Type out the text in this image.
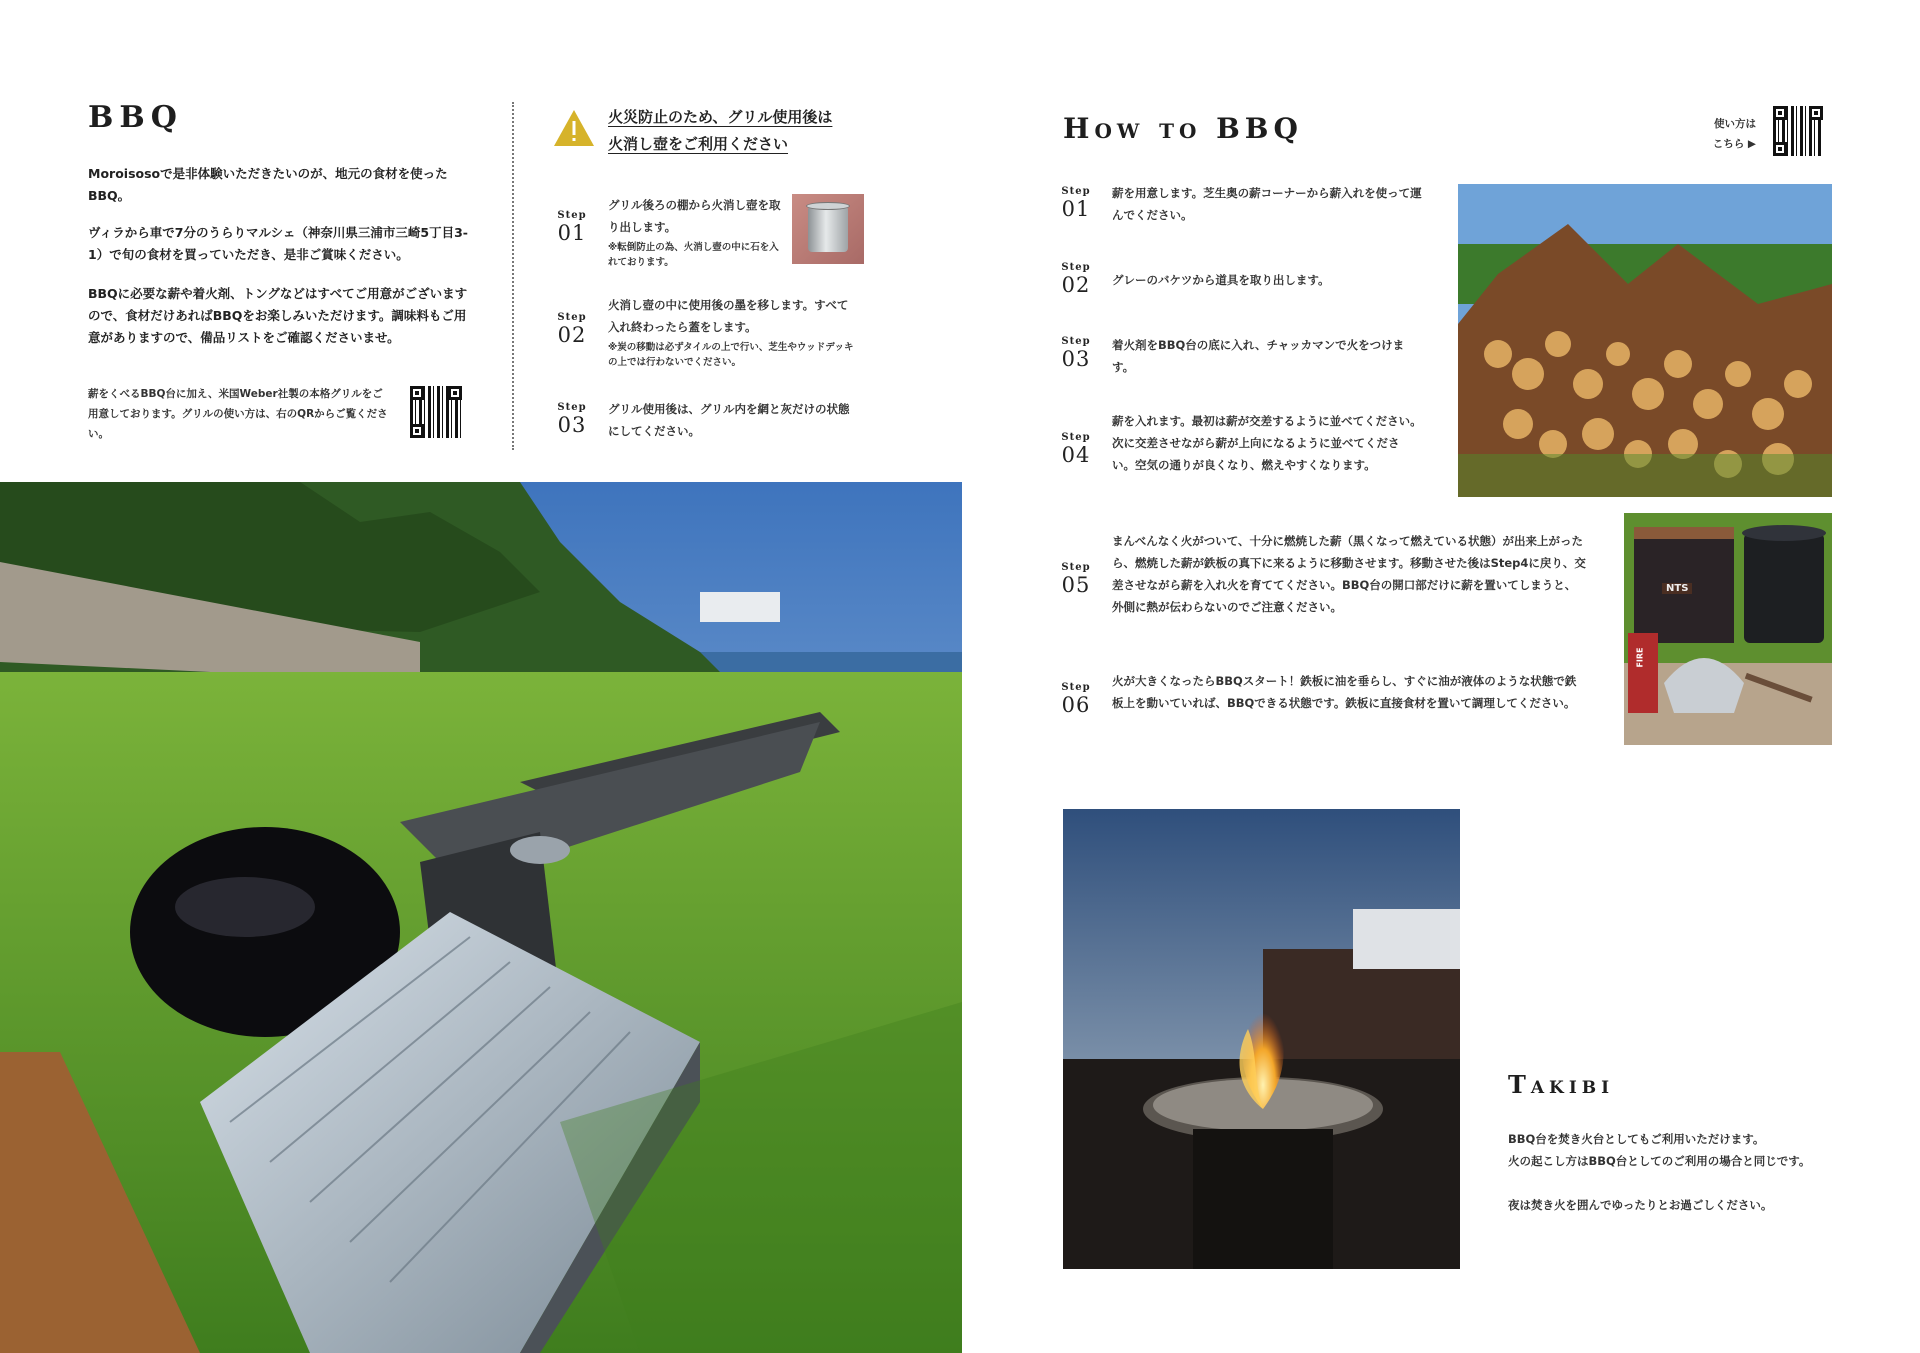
BBQ

Moroisosoで是非体験いただきたいのが、地元の食材を使ったBBQ。

ヴィラから車で7分のうらりマルシェ（神奈川県三浦市三崎5丁目3-1）で旬の食材を買っていただき、是非ご賞味ください。

BBQに必要な薪や着火剤、トングなどはすべてご用意がございますので、食材だけあればBBQをお楽しみいただけます。調味料もご用意がありますので、備品リストをご確認くださいませ。

薪をくべるBBQ台に加え、米国Weber社製の本格グリルをご用意しております。グリルの使い方は、右のQRからご覧ください。

火災防止のため、グリル使用後は
火消し壺をご利用ください
Step
01

グリル後ろの棚から火消し壺を取り出します。

※転倒防止の為、火消し壺の中に石を入れております。

Step
02

火消し壺の中に使用後の墨を移します。すべて入れ終わったら蓋をします。

※炭の移動は必ずタイルの上で行い、芝生やウッドデッキの上では行わないでください。

Step
03

グリル使用後は、グリル内を網と灰だけの状態にしてください。

How to BBQ	使い方は
こちら ▶
Step
01

薪を用意します。芝生奥の薪コーナーから薪入れを使って運んでください。

Step
02	グレーのバケツから道具を取り出します。

Step
03

着火剤をBBQ台の底に入れ、チャッカマンで火をつけます。

Step
04

薪を入れます。最初は薪が交差するように並べてください。次に交差させながら薪が上向になるように並べてください。空気の通りが良くなり、燃えやすくなります。

Step
05

まんべんなく火がついて、十分に燃焼した薪（黒くなって燃えている状態）が出来上がったら、燃焼した薪が鉄板の真下に来るように移動させます。移動させた後はStep4に戻り、交差させながら薪を入れ火を育ててください。BBQ台の開口部だけに薪を置いてしまうと、外側に熱が伝わらないのでご注意ください。

Step
06

火が大きくなったらBBQスタート！鉄板に油を垂らし、すぐに油が液体のような状態で鉄板上を動いていれば、BBQできる状態です。鉄板に直接食材を置いて調理してください。

NTS
FIRE
Takibi

BBQ台を焚き火台としてもご利用いただけます。

火の起こし方はBBQ台としてのご利用の場合と同じです。

夜は焚き火を囲んでゆったりとお過ごしください。
